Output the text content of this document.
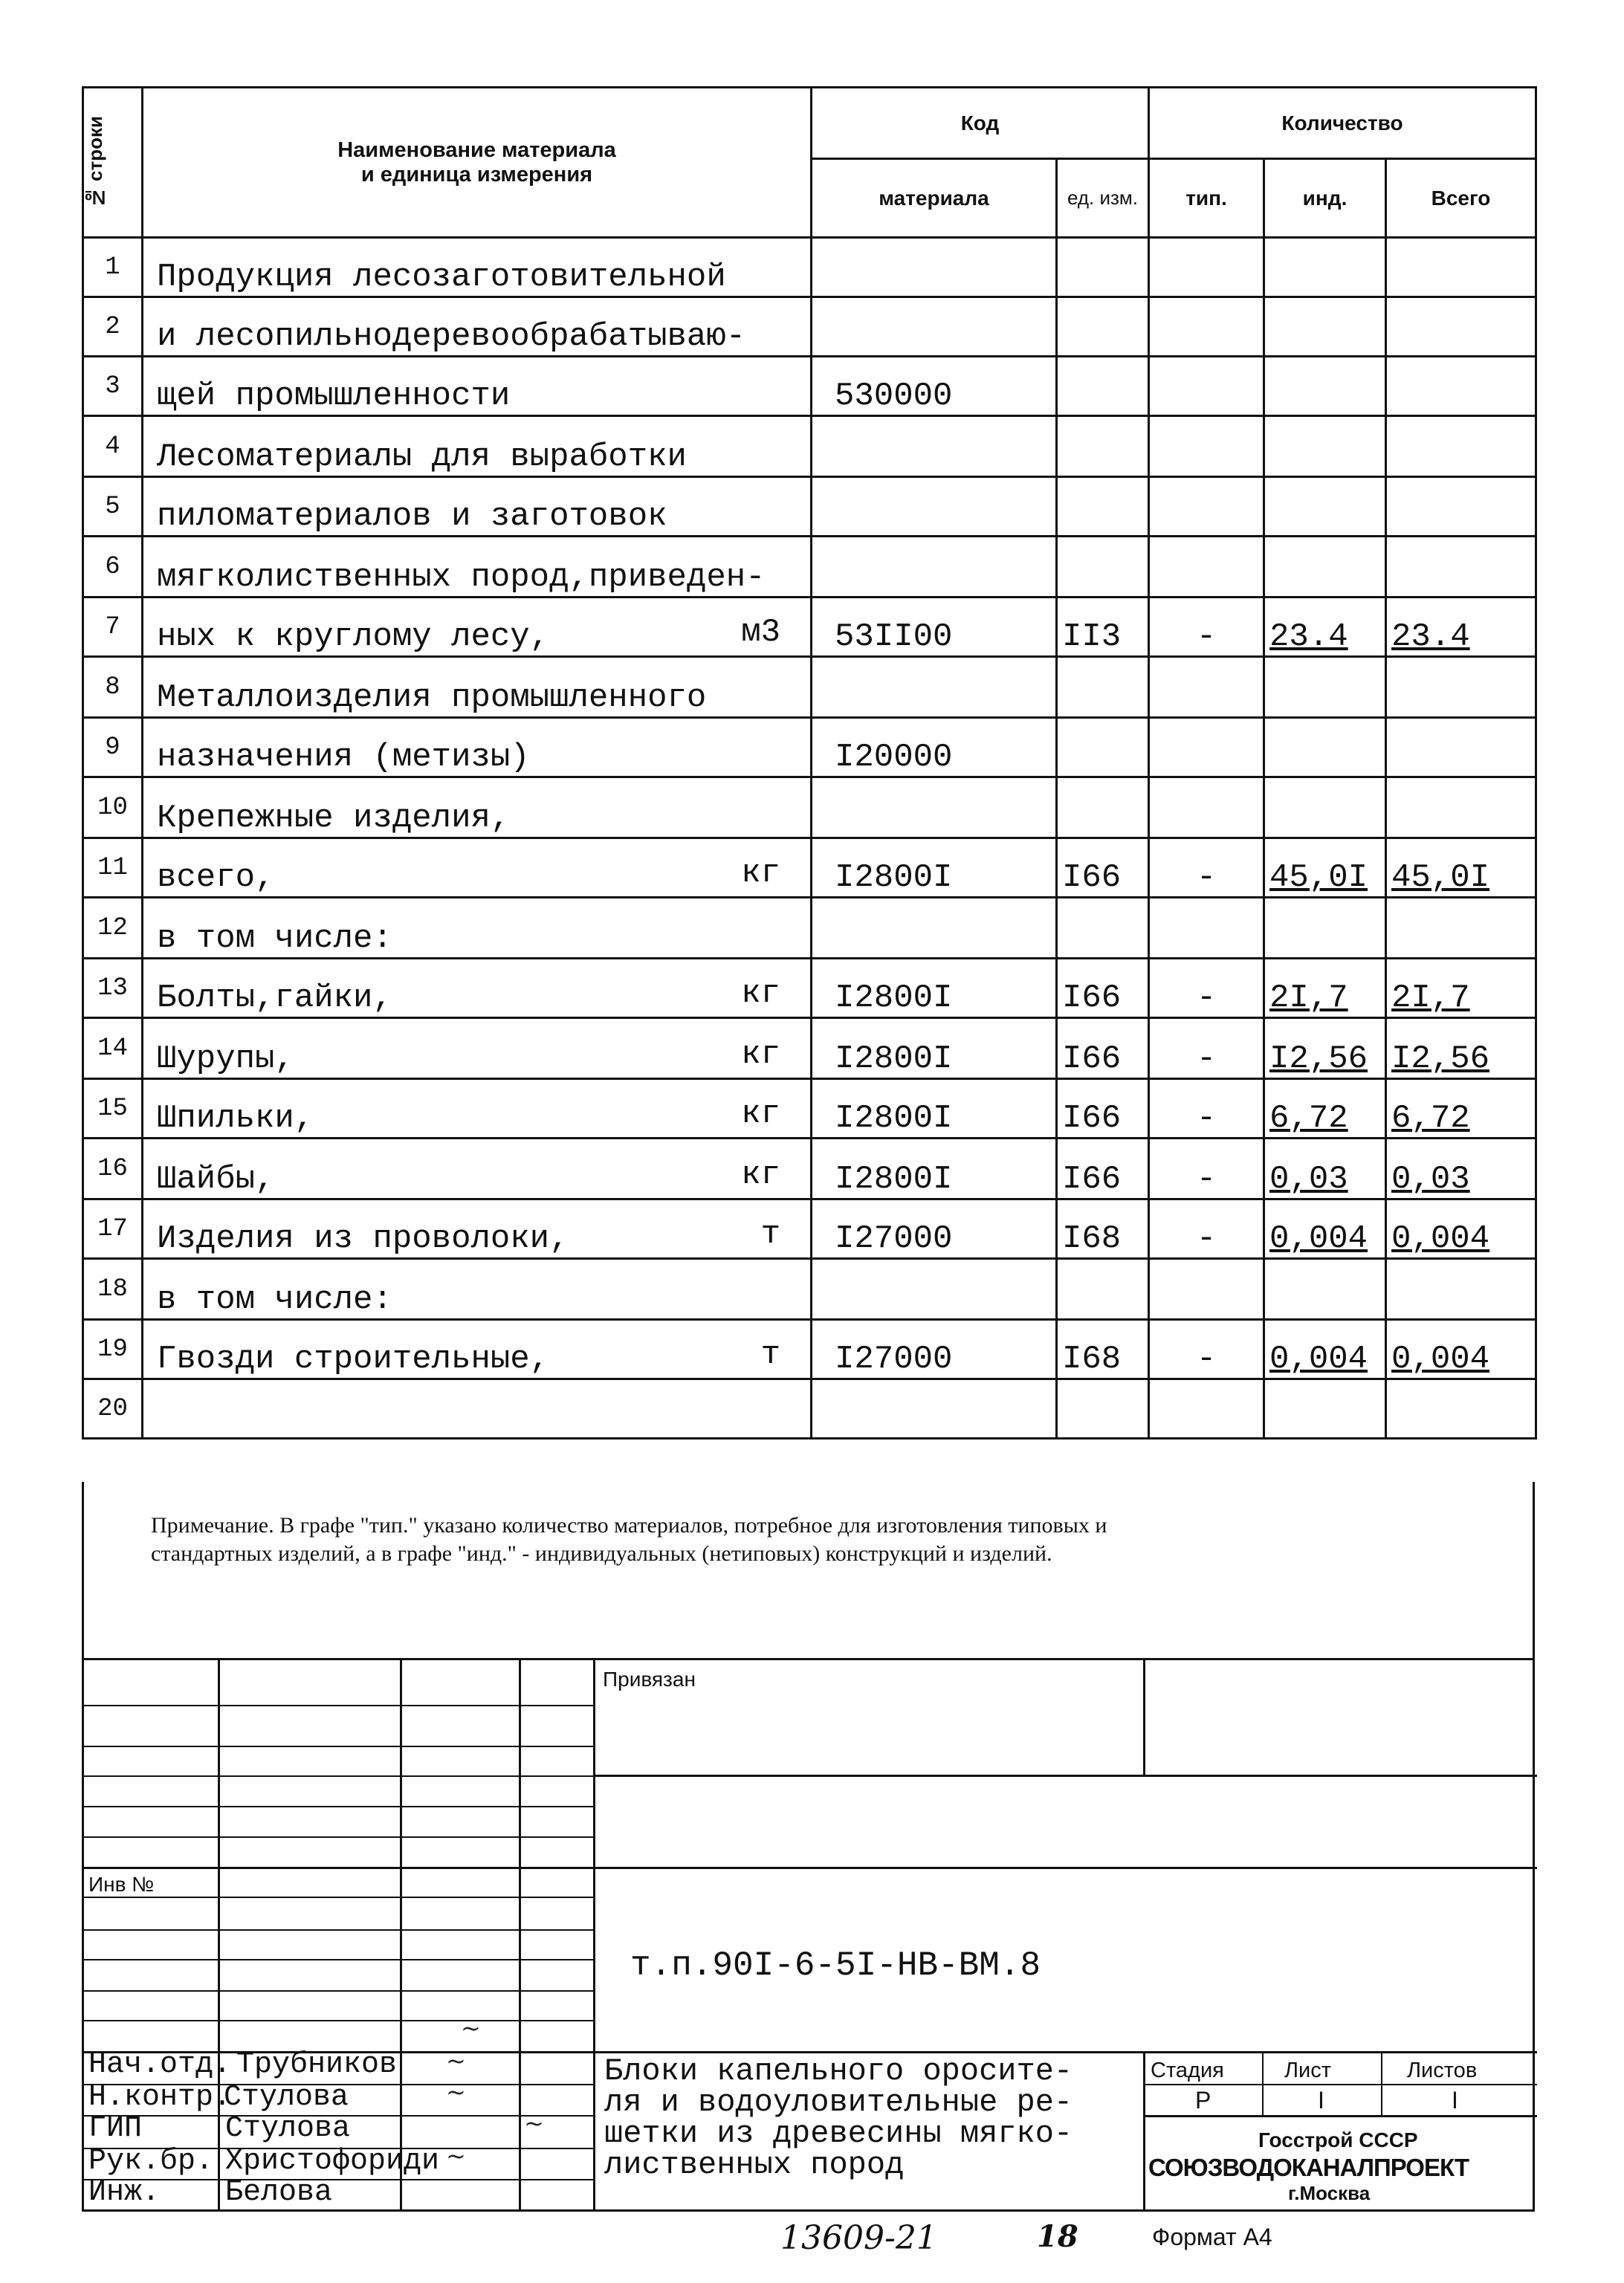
№ строки	Наименование материала
и единица измерения	Код		Количество		
		материала	ед. изм.	тип.	инд.	Всего
1	Продукция лесозаготовительной					
2	и лесопильнодеревообрабатываю-					
3	щей промышленности	530000				
4	Лесоматериалы для выработки					
5	пиломатериалов и заготовок					
6	мягколиственных пород,приведен-					
7	ных к круглому лесу, м3	53II00	II3	-	23.4	23.4
8	Металлоизделия промышленного					
9	назначения (метизы)	I20000				
10	Крепежные изделия,					
11	всего, кг	I2800I	I66	-	45,0I	45,0I
12	в том числе:					
13	Болты,гайки, кг	I2800I	I66	-	2I,7	2I,7
14	Шурупы, кг	I2800I	I66	-	I2,56	I2,56
15	Шпильки, кг	I2800I	I66	-	6,72	6,72
16	Шайбы, кг	I2800I	I66	-	0,03	0,03
17	Изделия из проволоки, т	I27000	I68	-	0,004	0,004
18	в том числе:					
19	Гвозди строительные, т	I27000	I68	-	0,004	0,004
20						

Примечание. В графе "тип." указано количество материалов, потребное для изготовления типовых и стандартных изделий, а в графе "инд." - индивидуальных (нетиповых) конструкций и изделий.

Привязан
Инв №
т.п.90I-6-5I-НВ-ВМ.8
Блоки капельного оросите-
ля и водоуловительные ре-
шетки из древесины мягко-
лиственных пород
Стадия	Лист	Листов
Р	I	I
Госстрой СССР
СОЮЗВОДОКАНАЛПРОЕКТ
г.Москва
Нач.отд. Трубников
Н.контр.
Стулова
ГИП	Стулова
Рук.бр. Христофориди
Инж. Белова
~
~
~
~
~
13609-21	18	Формат А4
